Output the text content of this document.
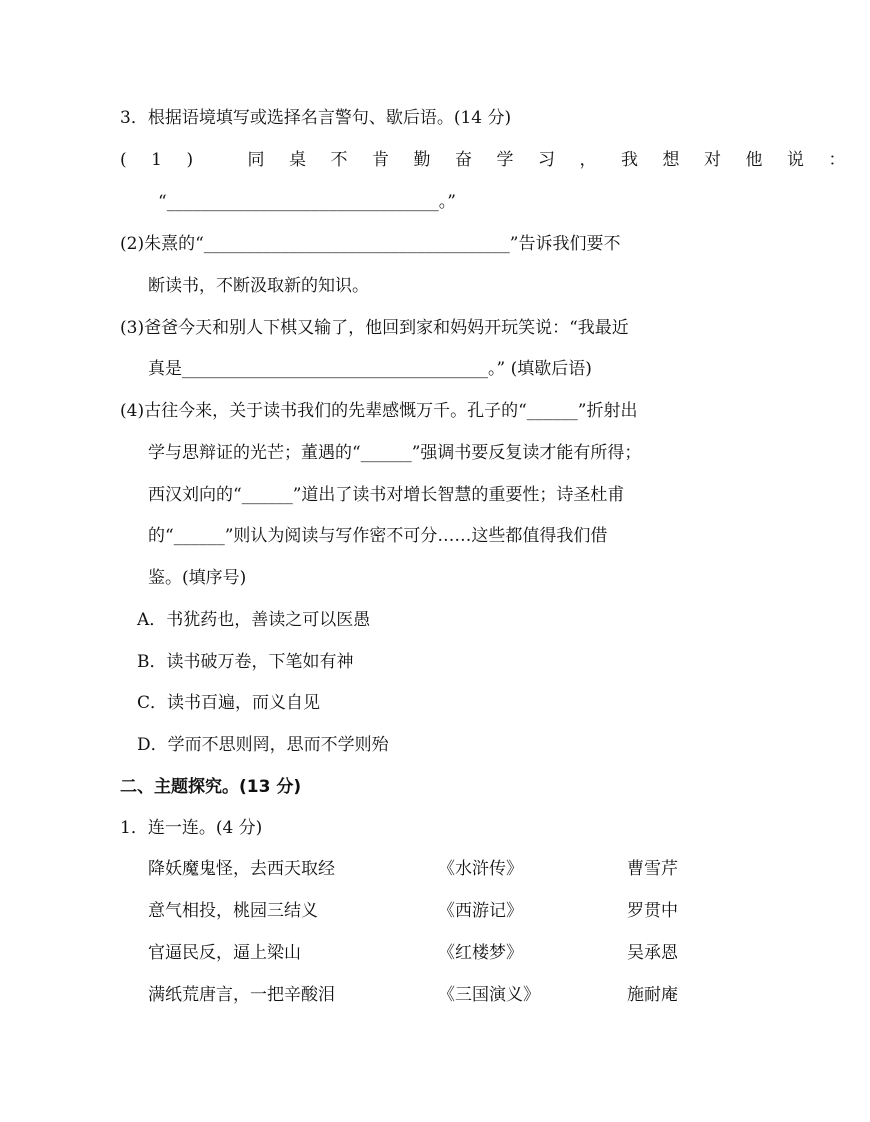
3．根据语境填写或选择名言警句、歇后语。(14 分)
(1) 同桌不肯勤奋学习，我想对他说：
“________________________________。”
(2)朱熹的“____________________________________”告诉我们要不
断读书，不断汲取新的知识。
(3)爸爸今天和别人下棋又输了，他回到家和妈妈开玩笑说：“我最近
真是____________________________________。” (填歇后语)
(4)古往今来，关于读书我们的先辈感慨万千。孔子的“______”折射出
学与思辩证的光芒；董遇的“______”强调书要反复读才能有所得；
西汉刘向的“______”道出了读书对增长智慧的重要性；诗圣杜甫
的“______”则认为阅读与写作密不可分……这些都值得我们借
鉴。(填序号)
A．书犹药也，善读之可以医愚
B．读书破万卷，下笔如有神
C．读书百遍，而义自见
D．学而不思则罔，思而不学则殆
二、主题探究。(13 分)
1．连一连。(4 分)
降妖魔鬼怪，去西天取经	《水浒传》	曹雪芹
意气相投，桃园三结义	《西游记》	罗贯中
官逼民反，逼上梁山	《红楼梦》	吴承恩
满纸荒唐言，一把辛酸泪	《三国演义》	施耐庵
